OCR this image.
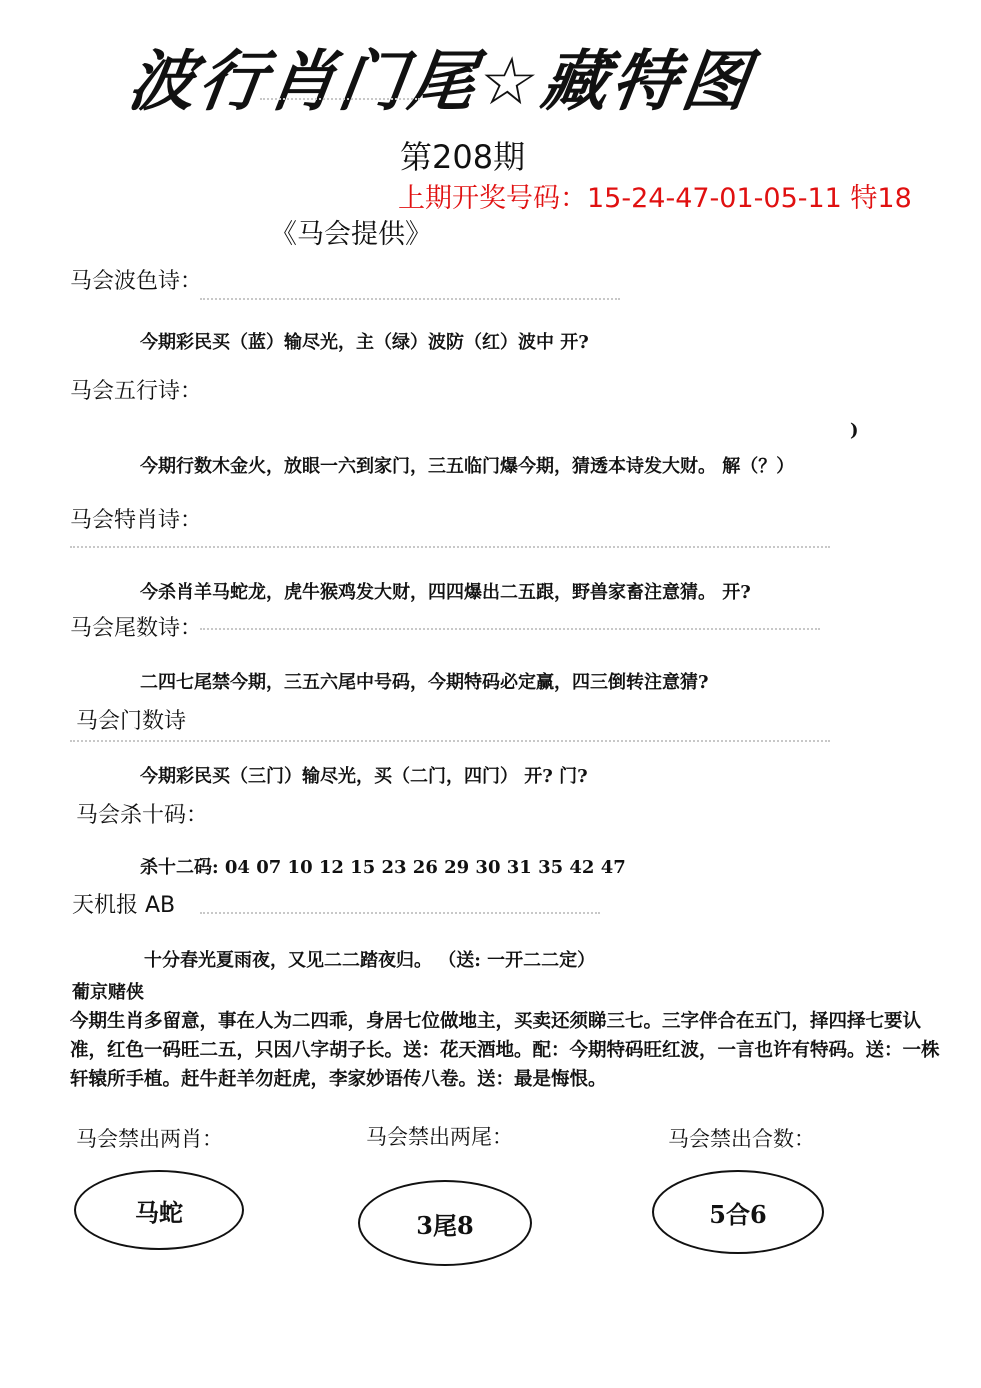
波行肖门尾☆藏特图
第208期
上期开奖号码：15-24-47-01-05-11 特18
《马会提供》
马会波色诗：
今期彩民买（蓝）输尽光，主（绿）波防（红）波中 开?
马会五行诗：
)
今期行数木金火，放眼一六到家门，三五临门爆今期，猜透本诗发大财。 解（？）
马会特肖诗：
今杀肖羊马蛇龙，虎牛猴鸡发大财，四四爆出二五跟，野兽家畜注意猜。 开?
马会尾数诗：
二四七尾禁今期，三五六尾中号码，今期特码必定赢，四三倒转注意猜?
马会门数诗
今期彩民买（三门）输尽光，买（二门，四门） 开? 门?
马会杀十码：
杀十二码: 04 07 10 12 15 23 26 29 30 31 35 42 47
天机报 AB
十分春光夏雨夜，又见二二踏夜归。 （送: 一开二二定）
葡京赌侠
今期生肖多留意，事在人为二四乖，身居七位做地主，买卖还须睇三七。三字伴合在五门，择四择七要认准，红色一码旺二五，只因八字胡子长。送：花天酒地。配：今期特码旺红波，一言也许有特码。送：一株轩辕所手植。赶牛赶羊勿赶虎，李家妙语传八卷。送：最是悔恨。
马会禁出两肖：	马会禁出两尾：	马会禁出合数：
马蛇	3尾8	5合6
